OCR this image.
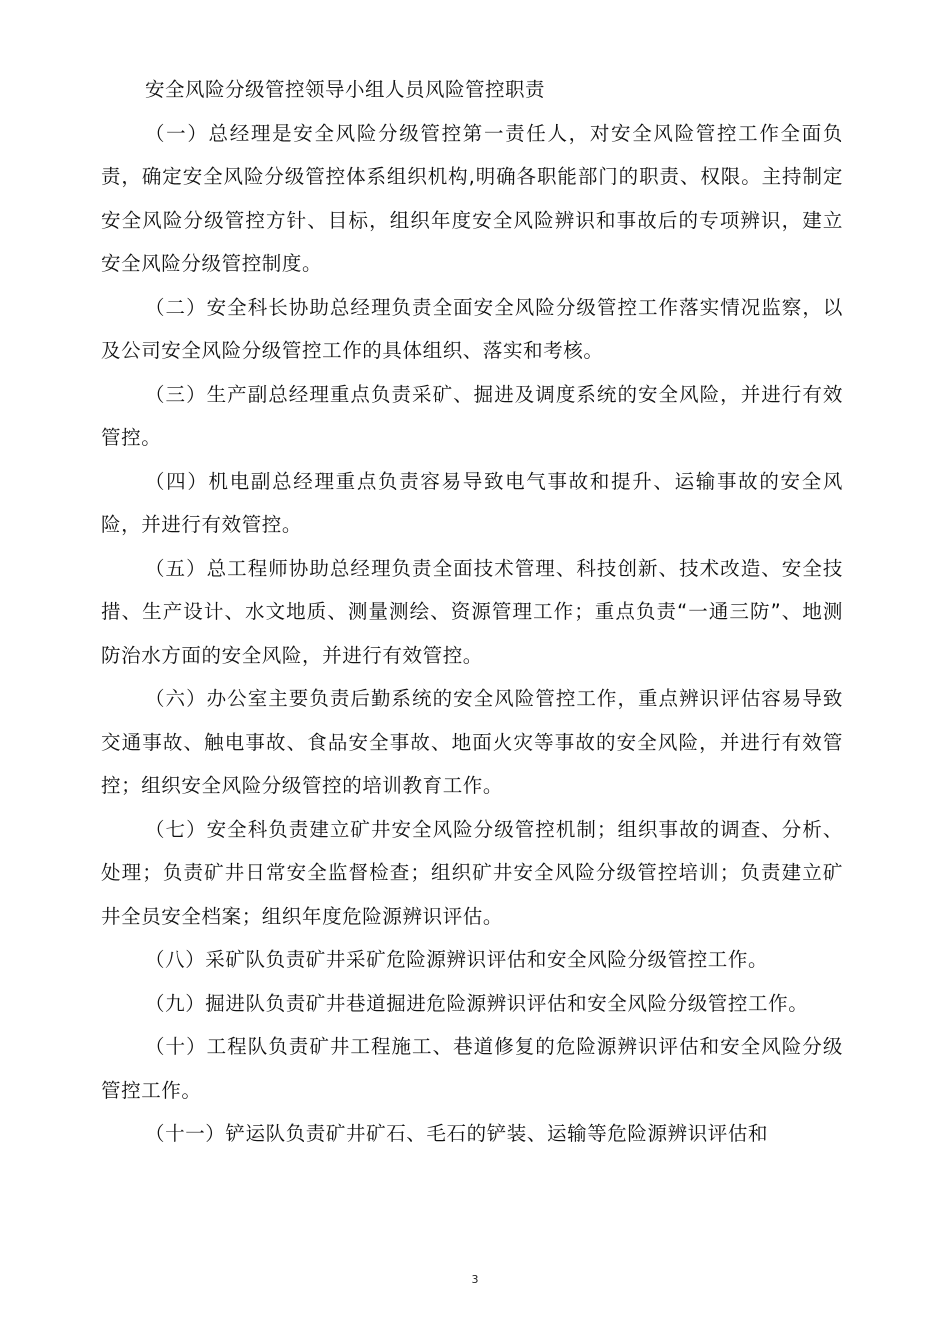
安全风险分级管控领导小组人员风险管控职责

（一）总经理是安全风险分级管控第一责任人，对安全风险管控工作全面负责，确定安全风险分级管控体系组织机构,明确各职能部门的职责、权限。主持制定安全风险分级管控方针、目标，组织年度安全风险辨识和事故后的专项辨识，建立安全风险分级管控制度。

（二）安全科长协助总经理负责全面安全风险分级管控工作落实情况监察，以及公司安全风险分级管控工作的具体组织、落实和考核。

（三）生产副总经理重点负责采矿、掘进及调度系统的安全风险，并进行有效管控。

（四）机电副总经理重点负责容易导致电气事故和提升、运输事故的安全风险，并进行有效管控。

（五）总工程师协助总经理负责全面技术管理、科技创新、技术改造、安全技措、生产设计、水文地质、测量测绘、资源管理工作；重点负责“一通三防”、地测防治水方面的安全风险，并进行有效管控。

（六）办公室主要负责后勤系统的安全风险管控工作，重点辨识评估容易导致交通事故、触电事故、食品安全事故、地面火灾等事故的安全风险，并进行有效管控；组织安全风险分级管控的培训教育工作。

（七）安全科负责建立矿井安全风险分级管控机制；组织事故的调查、分析、处理；负责矿井日常安全监督检查；组织矿井安全风险分级管控培训；负责建立矿井全员安全档案；组织年度危险源辨识评估。

（八）采矿队负责矿井采矿危险源辨识评估和安全风险分级管控工作。

（九）掘进队负责矿井巷道掘进危险源辨识评估和安全风险分级管控工作。

（十）工程队负责矿井工程施工、巷道修复的危险源辨识评估和安全风险分级管控工作。

（十一）铲运队负责矿井矿石、毛石的铲装、运输等危险源辨识评估和

3
